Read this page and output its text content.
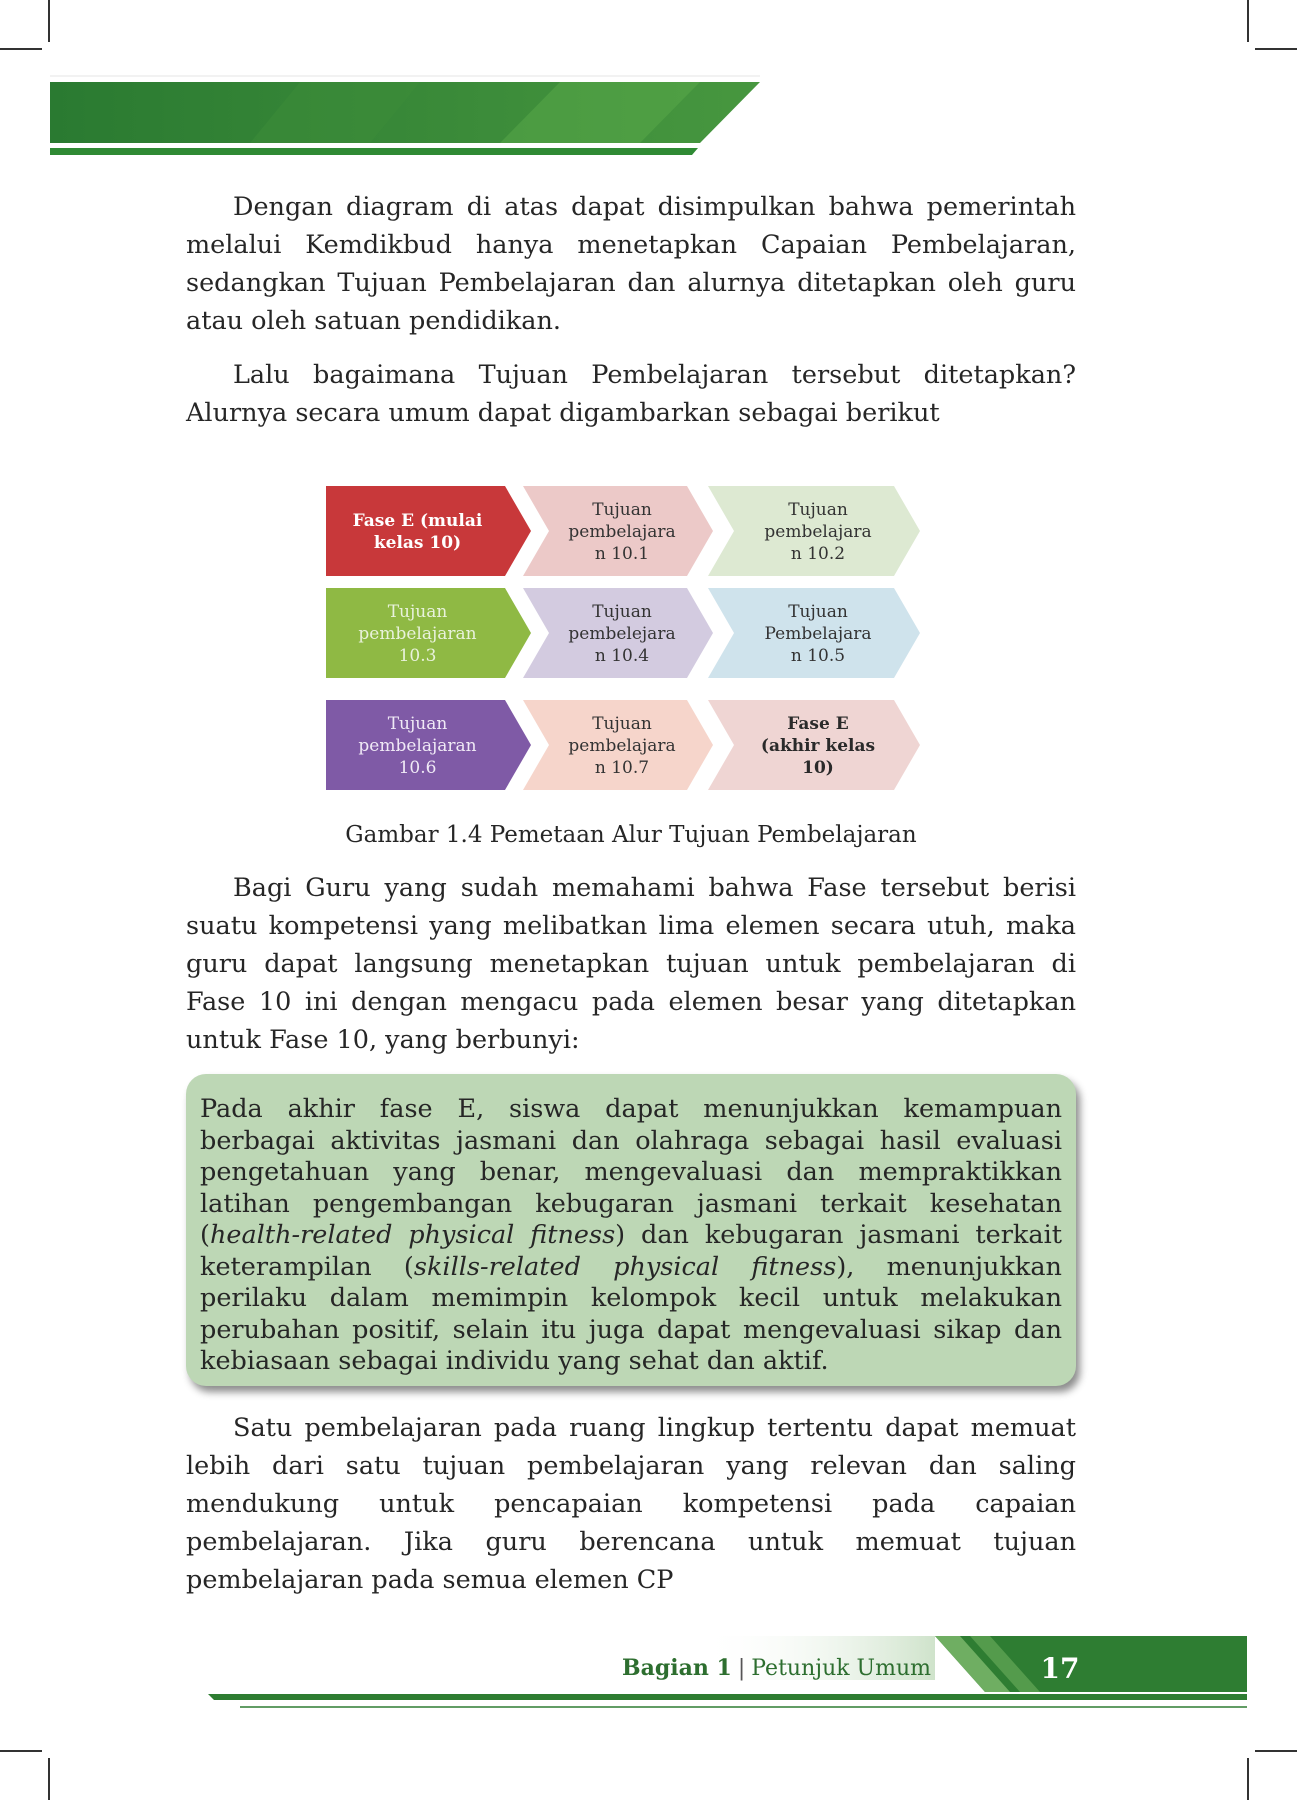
Dengan diagram di atas dapat disimpulkan bahwa pemerintah melalui Kemdikbud hanya menetapkan Capaian Pembelajaran, sedangkan Tujuan Pembelajaran dan alurnya ditetapkan oleh guru atau oleh satuan pendidikan.

Lalu bagaimana Tujuan Pembelajaran tersebut ditetapkan? Alurnya secara umum dapat digambarkan sebagai berikut

Fase E (mulai
kelas 10)
Tujuan
pembelajara
n 10.1
Tujuan
pembelajara
n 10.2
Tujuan
pembelajaran
10.3
Tujuan
pembelejara
n 10.4
Tujuan
Pembelajara
n 10.5
Tujuan
pembelajaran
10.6
Tujuan
pembelajara
n 10.7
Fase E
(akhir kelas
10)

Gambar 1.4 Pemetaan Alur Tujuan Pembelajaran

Bagi Guru yang sudah memahami bahwa Fase tersebut berisi suatu kompetensi yang melibatkan lima elemen secara utuh, maka guru dapat langsung menetapkan tujuan untuk pembelajaran di Fase 10 ini dengan mengacu pada elemen besar yang ditetapkan untuk Fase 10, yang berbunyi:

Pada akhir fase E, siswa dapat menunjukkan kemampuan berbagai aktivitas jasmani dan olahraga sebagai hasil evaluasi pengetahuan yang benar, mengevaluasi dan mempraktikkan latihan pengembangan kebugaran jasmani terkait kesehatan (health-related physical fitness) dan kebugaran jasmani terkait keterampilan (skills-related physical fitness), menunjukkan perilaku dalam memimpin kelompok kecil untuk melakukan perubahan positif, selain itu juga dapat mengevaluasi sikap dan kebiasaan sebagai individu yang sehat dan aktif.

Satu pembelajaran pada ruang lingkup tertentu dapat memuat lebih dari satu tujuan pembelajaran yang relevan dan saling mendukung untuk pencapaian kompetensi pada capaian pembelajaran. Jika guru berencana untuk memuat tujuan pembelajaran pada semua elemen CP

Bagian 1 | Petunjuk Umum	17
